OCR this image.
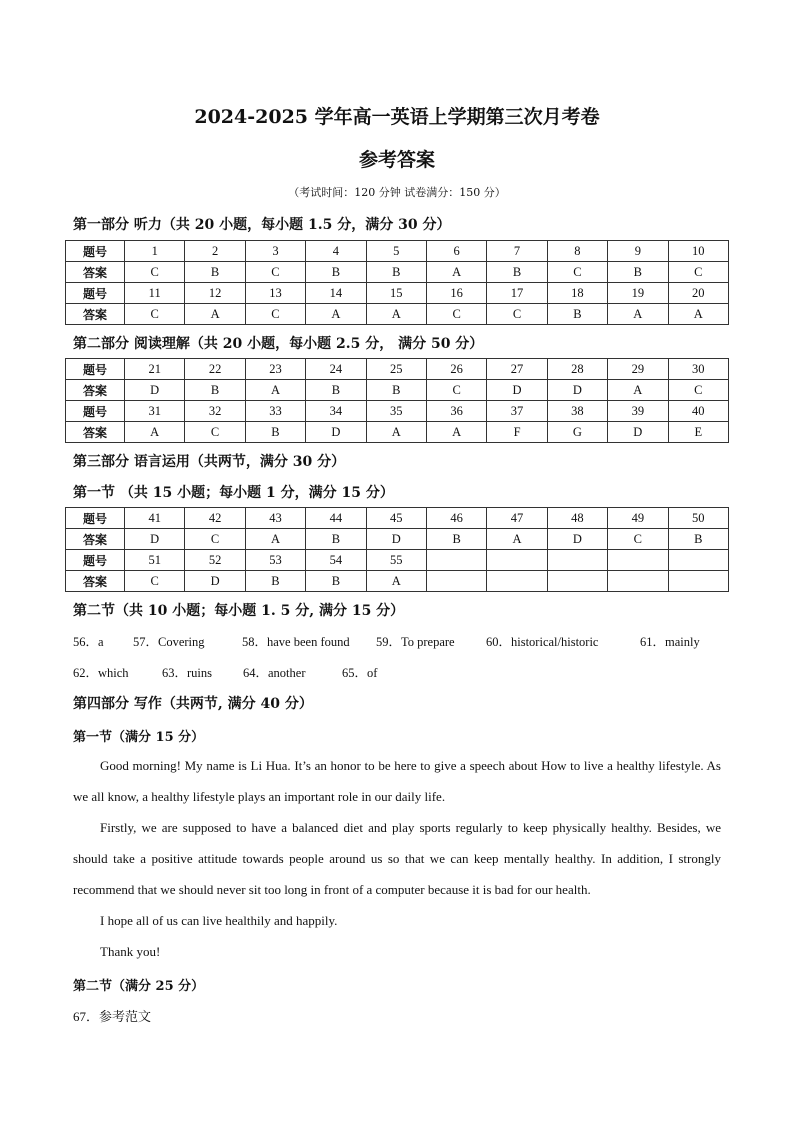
2024-2025 学年高一英语上学期第三次月考卷
参考答案
（考试时间：120 分钟 试卷满分：150 分）
第一部分 听力（共 20 小题，每小题 1.5 分，满分 30 分）
题号	1	2	3	4	5	6	7	8	9	10
答案	C	B	C	B	B	A	B	C	B	C
题号	11	12	13	14	15	16	17	18	19	20
答案	C	A	C	A	A	C	C	B	A	A
第二部分 阅读理解（共 20 小题，每小题 2.5 分， 满分 50 分）
题号	21	22	23	24	25	26	27	28	29	30
答案	D	B	A	B	B	C	D	D	A	C
题号	31	32	33	34	35	36	37	38	39	40
答案	A	C	B	D	A	A	F	G	D	E
第三部分 语言运用（共两节，满分 30 分）
第一节 （共 15 小题；每小题 1 分，满分 15 分）
题号	41	42	43	44	45	46	47	48	49	50
答案	D	C	A	B	D	B	A	D	C	B
题号	51	52	53	54	55					
答案	C	D	B	B	A					
第二节（共 10 小题；每小题 1. 5 分, 满分 15 分）
56．a 57．Covering	58．have been found 59．To prepare	60．historical/historic	61．mainly
62．which	63．ruins 64．another	65．of
第四部分 写作（共两节, 满分 40 分）
第一节（满分 15 分）

Good morning! My name is Li Hua. It’s an honor to be here to give a speech about How to live a healthy lifestyle. As we all know, a healthy lifestyle plays an important role in our daily life.

Firstly, we are supposed to have a balanced diet and play sports regularly to keep physically healthy. Besides, we should take a positive attitude towards people around us so that we can keep mentally healthy. In addition, I strongly recommend that we should never sit too long in front of a computer because it is bad for our health.

I hope all of us can live healthily and happily.

Thank you!

第二节（满分 25 分）
67．参考范文
